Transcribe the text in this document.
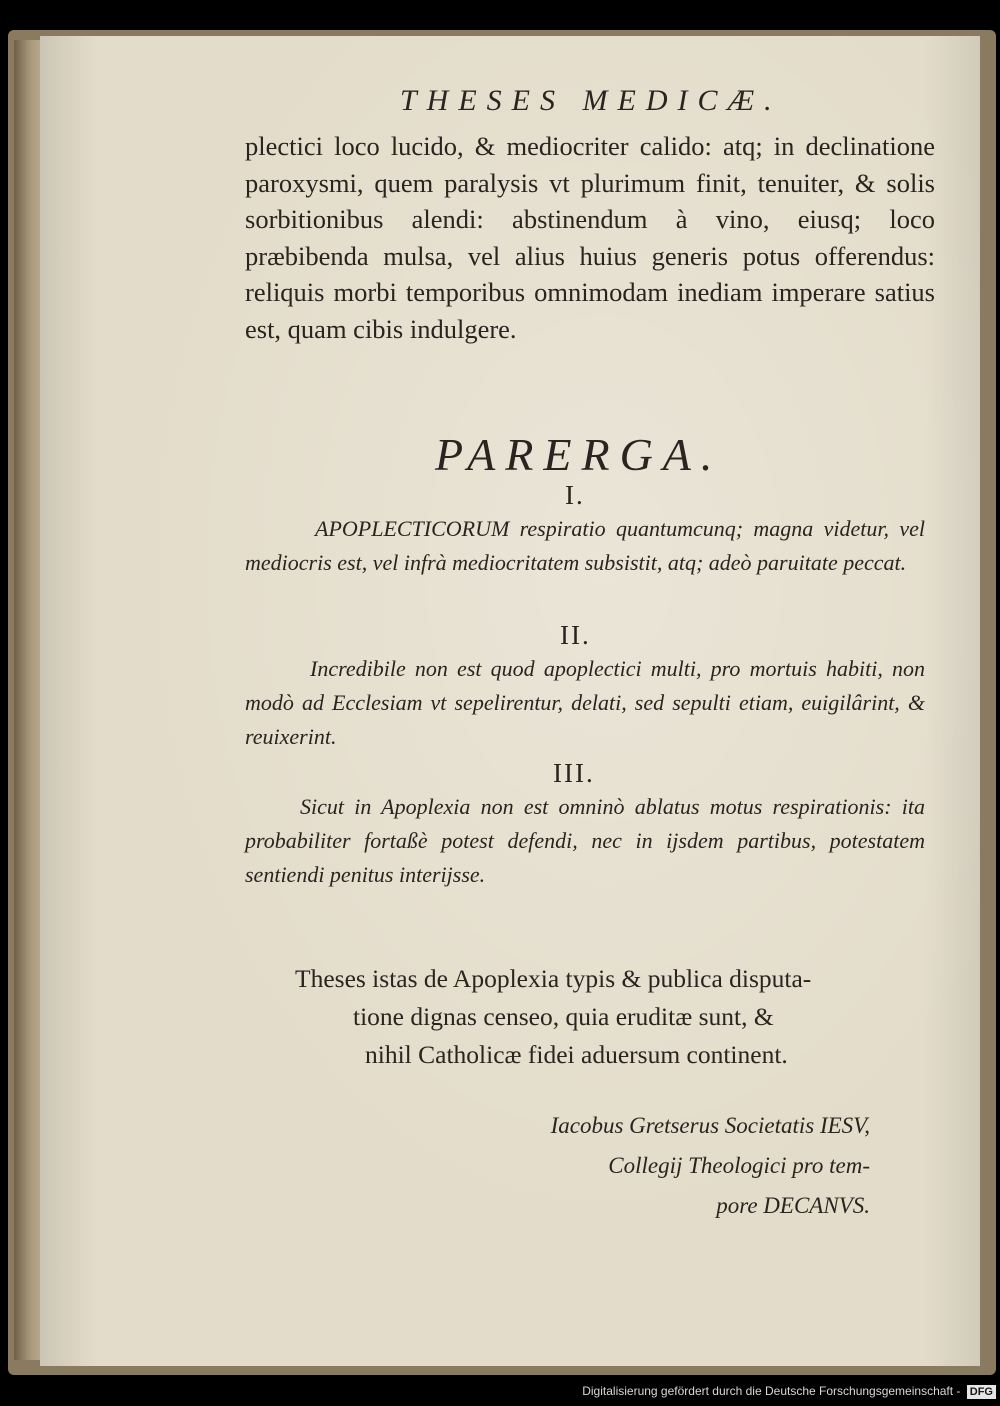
THESES MEDICÆ.

plectici loco lucido, & mediocriter calido: atq; in declinatione paroxysmi, quem paralysis vt plurimum finit, tenuiter, & solis sorbitionibus alendi: abstinendum à vino, eiusq; loco præbibenda mulsa, vel alius huius generis potus offerendus: reliquis morbi temporibus omnimodam inediam imperare satius est, quam cibis indulgere.

PARERGA.
I.
APOPLECTICORUM respiratio quantumcunq; magna videtur, vel mediocris est, vel infrà mediocritatem subsistit, atq; adeò paruitate peccat.
II.
Incredibile non est quod apoplectici multi, pro mortuis habiti, non modò ad Ecclesiam vt sepelirentur, delati, sed sepulti etiam, euigilârint, & reuixerint.
III.
Sicut in Apoplexia non est omninò ablatus motus respirationis: ita probabiliter fortaßè potest defendi, nec in ijsdem partibus, potestatem sentiendi penitus interijsse.
Theses istas de Apoplexia typis & publica disputa-
tione dignas censeo, quia eruditæ sunt, &
nihil Catholicæ fidei aduersum continent.
Iacobus Gretserus Societatis IESV,
Collegij Theologici pro tem-
pore DECANVS.
Digitalisierung gefördert durch die Deutsche Forschungsgemeinschaft - DFG
